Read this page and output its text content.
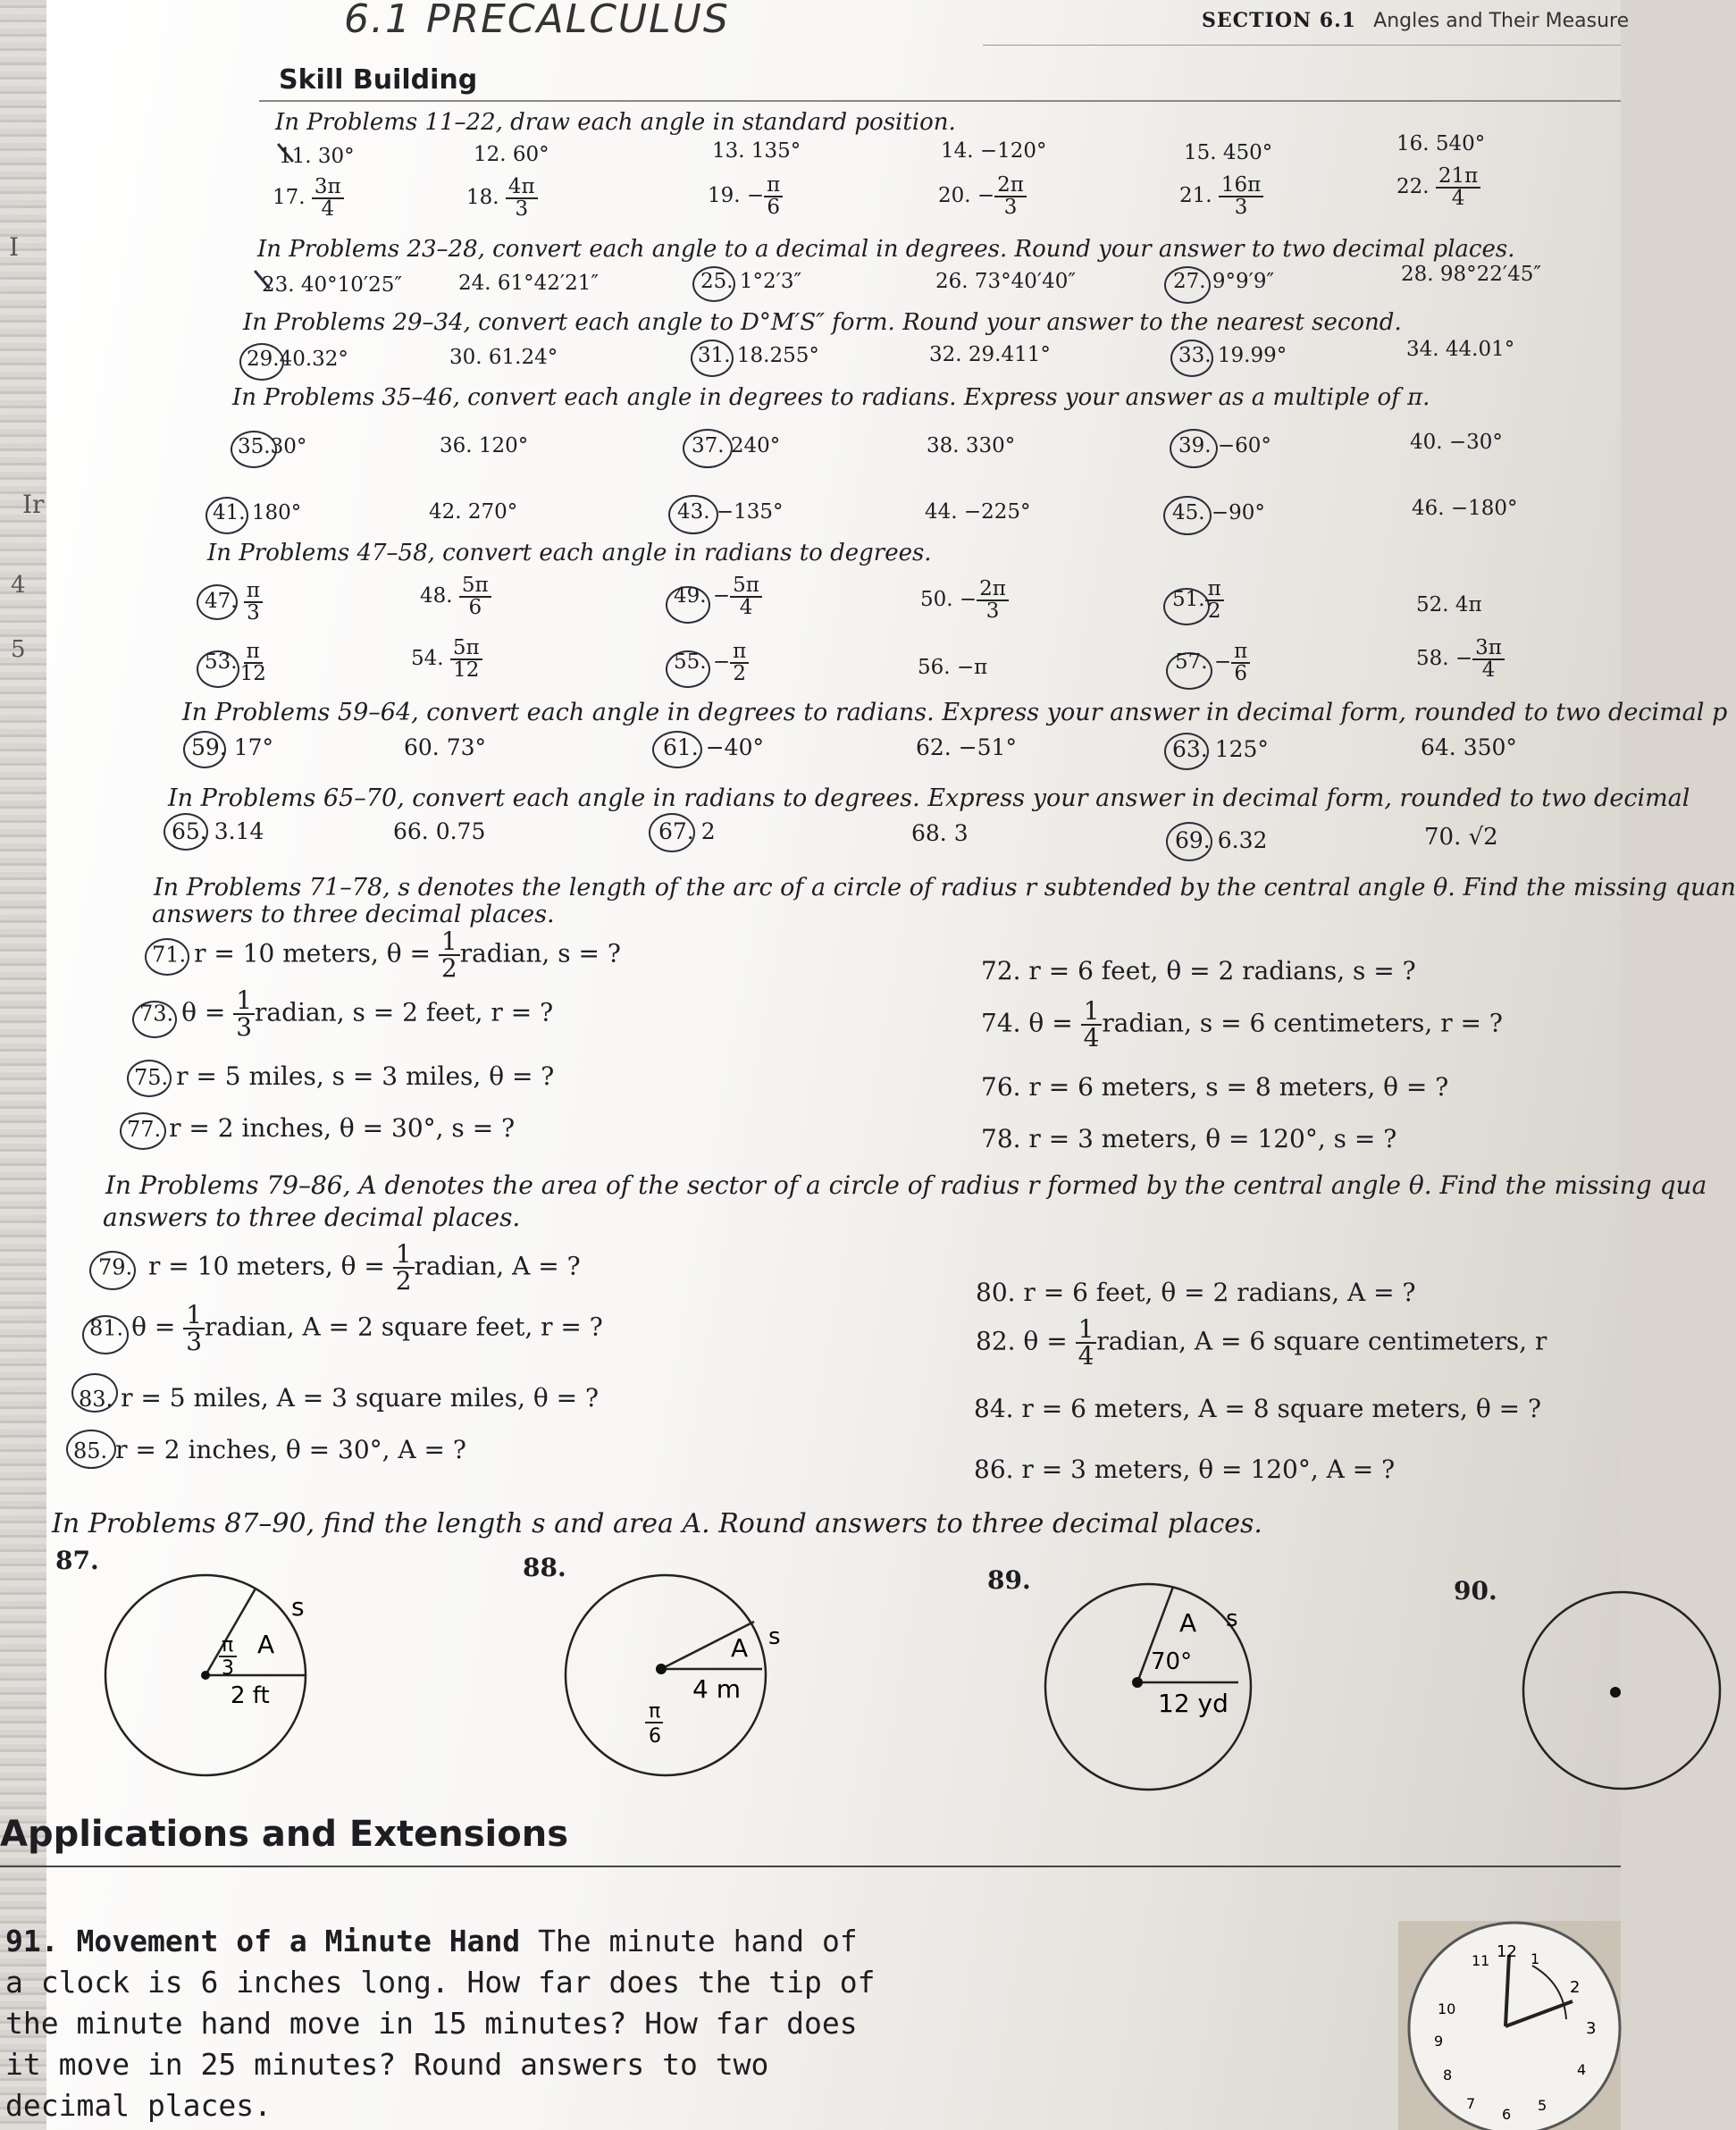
I
Ir
4
5
6.1 PRECALCULUS	SECTION 6.1 Angles and Their Measure
Skill Building
In Problems 11–22, draw each angle in standard position.
11. 30°	12. 60°	13. 135°	14. −120°	15. 450°	16. 540°
17. $\frac{3\pi}{4}$	18. $\frac{4\pi}{3}$	19. − $\frac{\pi}{6}$	20. − $\frac{2\pi}{3}$	21. $\frac{16\pi}{3}$	22. $\frac{21\pi}{4}$
In Problems 23–28, convert each angle to a decimal in degrees. Round your answer to two decimal places.
23. 40°10′25″	24. 61°42′21″	25. 1°2′3″	26. 73°40′40″	27. 9°9′9″	28. 98°22′45″
In Problems 29–34, convert each angle to D°M′S″ form. Round your answer to the nearest second.
29.40.32°	30. 61.24°	31. 18.255°	32. 29.411°	33. 19.99°	34. 44.01°
In Problems 35–46, convert each angle in degrees to radians. Express your answer as a multiple of π.
35.30°	36. 120°	37. 240°	38. 330°	39. −60°	40. −30°
41. 180°	42. 270°	43. −135°	44. −225°	45. −90°	46. −180°
In Problems 47–58, convert each angle in radians to degrees.
47. $\frac{\pi}{3}$	48. $\frac{5\pi}{6}$	49. − $\frac{5\pi}{4}$	50. − $\frac{2\pi}{3}$	51. $\frac{\pi}{2}$	52. 4π
53. $\frac{\pi}{12}$	54. $\frac{5\pi}{12}$	55. − $\frac{\pi}{2}$	56. −π	57. − $\frac{\pi}{6}$	58. − $\frac{3\pi}{4}$
In Problems 59–64, convert each angle in degrees to radians. Express your answer in decimal form, rounded to two decimal p
59. 17°	60. 73°	61. −40°	62. −51°	63. 125°	64. 350°
In Problems 65–70, convert each angle in radians to degrees. Express your answer in decimal form, rounded to two decimal
65. 3.14	66. 0.75	67. 2	68. 3	69. 6.32	70. √2
In Problems 71–78, s denotes the length of the arc of a circle of radius r subtended by the central angle θ. Find the missing quan
answers to three decimal places.
71. r = 10 meters, $\theta = \frac{1}{2}$ radian, s = ?
72. r = 6 feet, θ = 2 radians, s = ?
73. $\theta = \frac{1}{3}$ radian, s = 2 feet, r = ?	74. $\theta = \frac{1}{4}$ radian, s = 6 centimeters, r = ?
75. r = 5 miles, s = 3 miles, θ = ?	76. r = 6 meters, s = 8 meters, θ = ?
77. r = 2 inches, θ = 30°, s = ?	78. r = 3 meters, θ = 120°, s = ?
In Problems 79–86, A denotes the area of the sector of a circle of radius r formed by the central angle θ. Find the missing qua
answers to three decimal places.
79. r = 10 meters, $\theta = \frac{1}{2}$ radian, A = ?
80. r = 6 feet, θ = 2 radians, A = ?
81. $\theta = \frac{1}{3}$ radian, A = 2 square feet, r = ?	82. $\theta = \frac{1}{4}$ radian, A = 6 square centimeters, r
83. r = 5 miles, A = 3 square miles, θ = ?	84. r = 6 meters, A = 8 square meters, θ = ?
85. r = 2 inches, θ = 30°, A = ?
86. r = 3 meters, θ = 120°, A = ?
In Problems 87–90, find the length s and area A. Round answers to three decimal places.
87.	88.	89.	90.
s
A
π
3
2 ft
s
A
4 m
π
6
A s
70°
12 yd
Applications and Extensions
91. Movement of a Minute Hand The minute hand of a clock is 6 inches long. How far does the tip of the minute hand move in 15 minutes? How far does it move in 25 minutes? Round answers to two decimal places.
12
11	1
2
3
4
5
6
7
8
9
10
